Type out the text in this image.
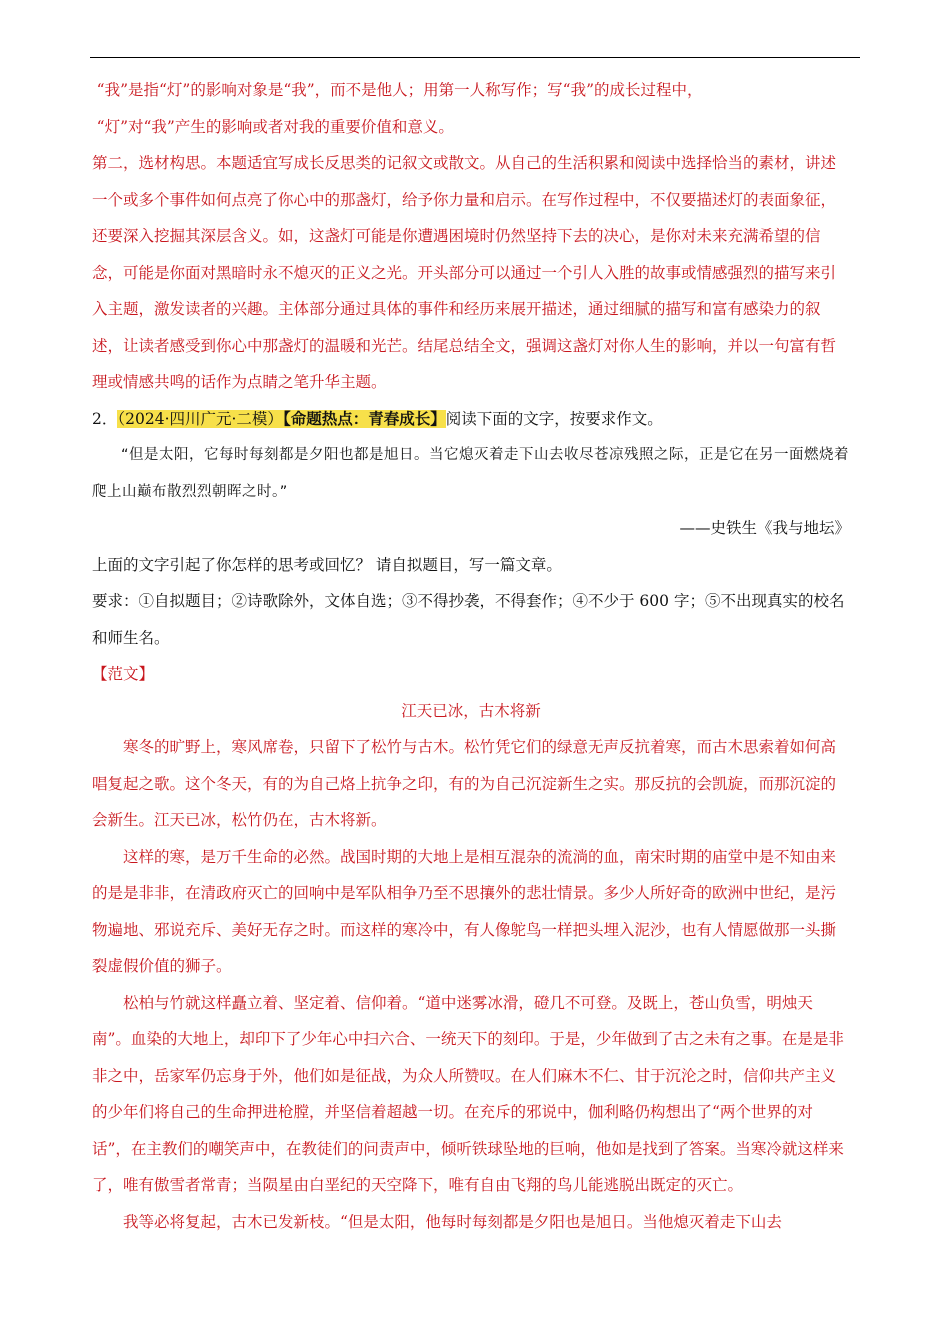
“我”是指“灯”的影响对象是“我”，而不是他人；用第一人称写作；写“我”的成长过程中，

“灯”对“我”产生的影响或者对我的重要价值和意义。

第二，选材构思。本题适宜写成长反思类的记叙文或散文。从自己的生活积累和阅读中选择恰当的素材，讲述一个或多个事件如何点亮了你心中的那盏灯，给予你力量和启示。在写作过程中，不仅要描述灯的表面象征，还要深入挖掘其深层含义。如，这盏灯可能是你遭遇困境时仍然坚持下去的决心，是你对未来充满希望的信念，可能是你面对黑暗时永不熄灭的正义之光。开头部分可以通过一个引人入胜的故事或情感强烈的描写来引入主题，激发读者的兴趣。主体部分通过具体的事件和经历来展开描述，通过细腻的描写和富有感染力的叙述，让读者感受到你心中那盏灯的温暖和光芒。结尾总结全文，强调这盏灯对你人生的影响，并以一句富有哲理或情感共鸣的话作为点睛之笔升华主题。

2．（2024·四川广元·二模）【命题热点：青春成长】阅读下面的文字，按要求作文。

“但是太阳，它每时每刻都是夕阳也都是旭日。当它熄灭着走下山去收尽苍凉残照之际，正是它在另一面燃烧着爬上山巅布散烈烈朝晖之时。”

——史铁生《我与地坛》

上面的文字引起了你怎样的思考或回忆？ 请自拟题目，写一篇文章。

要求：①自拟题目；②诗歌除外，文体自选；③不得抄袭，不得套作；④不少于 600 字；⑤不出现真实的校名和师生名。

【范文】

江天已冰，古木将新

寒冬的旷野上，寒风席卷，只留下了松竹与古木。松竹凭它们的绿意无声反抗着寒，而古木思索着如何高唱复起之歌。这个冬天，有的为自己烙上抗争之印，有的为自己沉淀新生之实。那反抗的会凯旋，而那沉淀的会新生。江天已冰，松竹仍在，古木将新。

这样的寒，是万千生命的必然。战国时期的大地上是相互混杂的流淌的血，南宋时期的庙堂中是不知由来的是是非非，在清政府灭亡的回响中是军队相争乃至不思攘外的悲壮情景。多少人所好奇的欧洲中世纪，是污物遍地、邪说充斥、美好无存之时。而这样的寒冷中，有人像鸵鸟一样把头埋入泥沙，也有人情愿做那一头撕裂虚假价值的狮子。

松柏与竹就这样矗立着、坚定着、信仰着。“道中迷雾冰滑，磴几不可登。及既上，苍山负雪，明烛天南”。血染的大地上，却印下了少年心中扫六合、一统天下的刻印。于是，少年做到了古之未有之事。在是是非非之中，岳家军仍忘身于外，他们如是征战，为众人所赞叹。在人们麻木不仁、甘于沉沦之时，信仰共产主义的少年们将自己的生命押进枪膛，并坚信着超越一切。在充斥的邪说中，伽利略仍构想出了“两个世界的对话”，在主教们的嘲笑声中，在教徒们的问责声中，倾听铁球坠地的巨响，他如是找到了答案。当寒冷就这样来了，唯有傲雪者常青；当陨星由白垩纪的天空降下，唯有自由飞翔的鸟儿能逃脱出既定的灭亡。

我等必将复起，古木已发新枝。“但是太阳，他每时每刻都是夕阳也是旭日。当他熄灭着走下山去
